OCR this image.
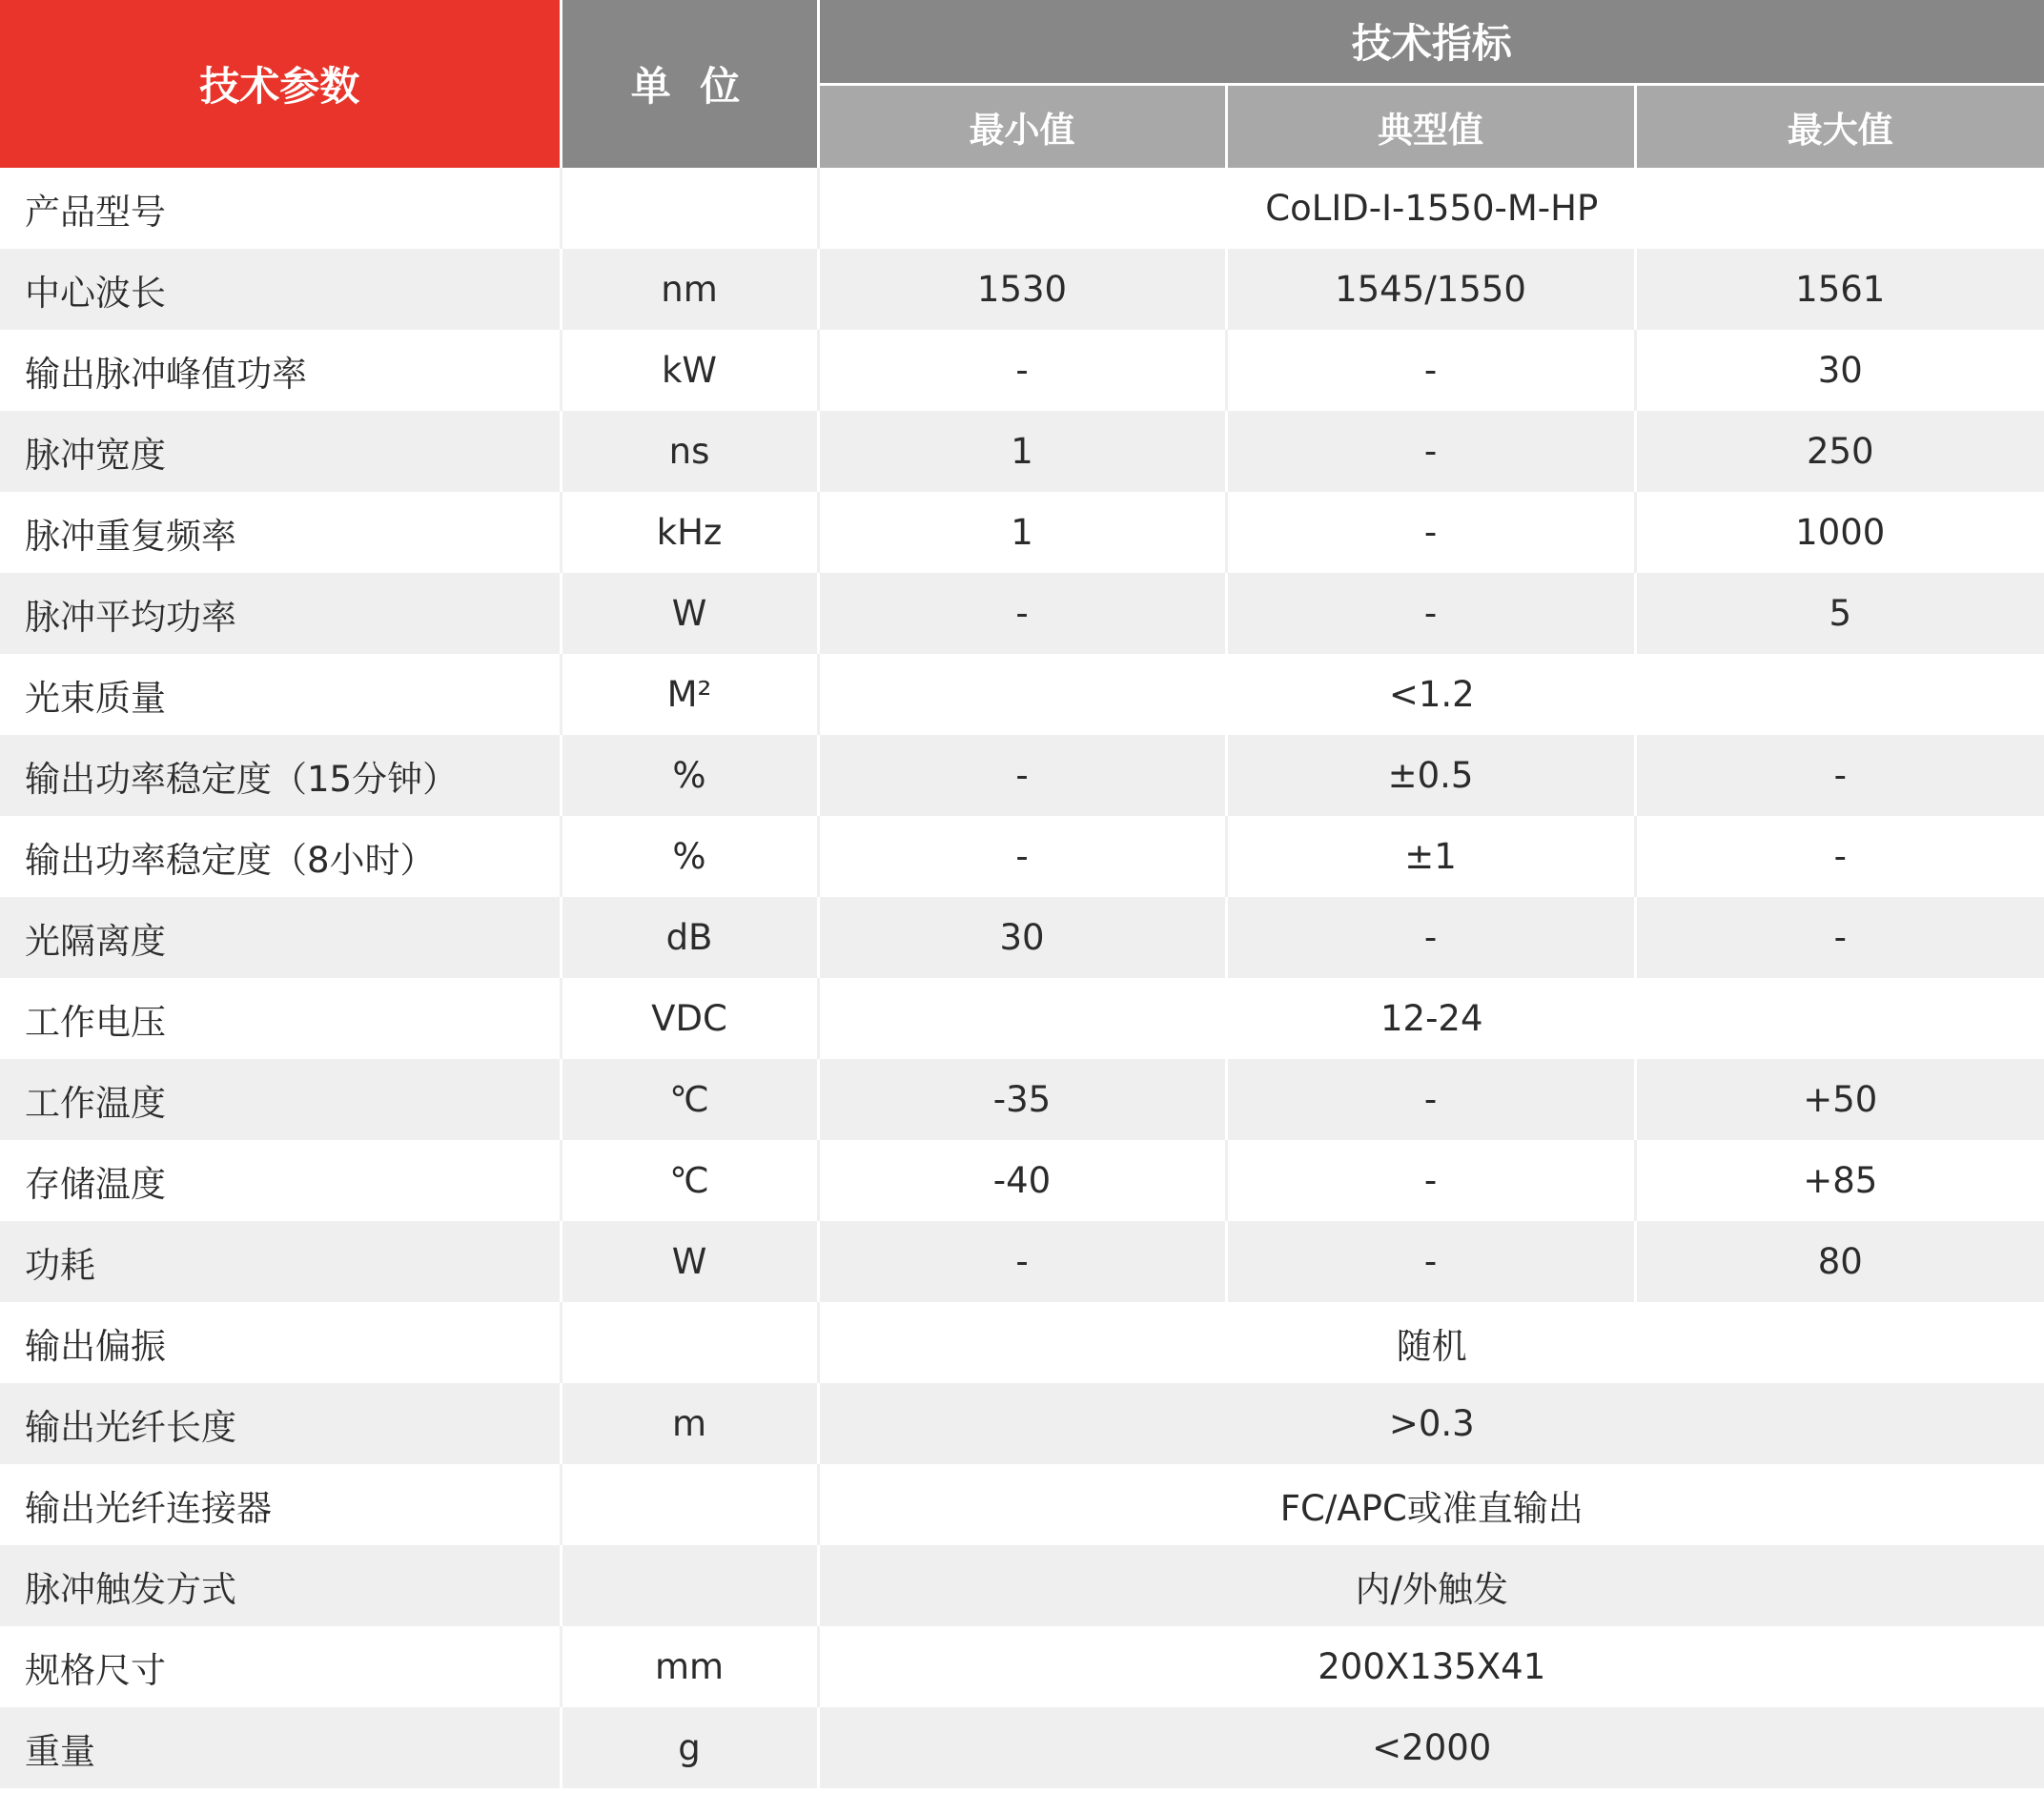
技术参数	单 位	技术指标		
		最小值	典型值	最大值
产品型号		CoLID-I-1550-M-HP		
中心波长	nm	1530	1545/1550	1561
输出脉冲峰值功率	kW	-	-	30
脉冲宽度	ns	1	-	250
脉冲重复频率	kHz	1	-	1000
脉冲平均功率	W	-	-	5
光束质量	M²	<1.2		
输出功率稳定度（15分钟）	%	-	±0.5	-
输出功率稳定度（8小时）	%	-	±1	-
光隔离度	dB	30	-	-
工作电压	VDC	12-24		
工作温度	℃	-35	-	+50
存储温度	℃	-40	-	+85
功耗	W	-	-	80
输出偏振		随机		
输出光纤长度	m	>0.3		
输出光纤连接器		FC/APC或准直输出		
脉冲触发方式		内/外触发		
规格尺寸	mm	200X135X41		
重量	g	<2000		
